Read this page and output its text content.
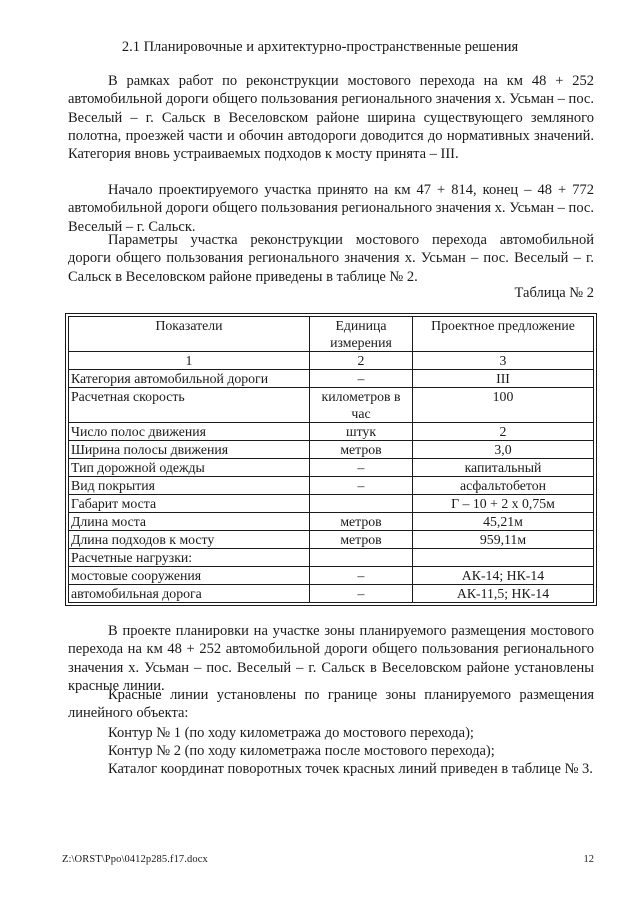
2.1 Планировочные и архитектурно-пространственные решения

В рамках работ по реконструкции мостового перехода на км 48 + 252 автомобильной дороги общего пользования регионального значения х. Усьман – пос. Веселый – г. Сальск в Веселовском районе ширина существующего земляного полотна, проезжей части и обочин автодороги доводится до нормативных значений. Категория вновь устраиваемых подходов к мосту принята – III.

Начало проектируемого участка принято на км 47 + 814, конец – 48 + 772 автомобильной дороги общего пользования регионального значения х. Усьман – пос. Веселый – г. Сальск.

Параметры участка реконструкции мостового перехода автомобильной дороги общего пользования регионального значения х. Усьман – пос. Веселый – г. Сальск в Веселовском районе приведены в таблице № 2.

Таблица № 2
Показатели	Единица измерения	Проектное предложение
1	2	3
Категория автомобильной дороги	–	III
Расчетная скорость	километров в час	100
Число полос движения	штук	2
Ширина полосы движения	метров	3,0
Тип дорожной одежды	–	капитальный
Вид покрытия	–	асфальтобетон
Габарит моста		Г – 10 + 2 х 0,75м
Длина моста	метров	45,21м
Длина подходов к мосту	метров	959,11м
Расчетные нагрузки:		
мостовые сооружения	–	АК-14; НК-14
автомобильная дорога	–	АК-11,5; НК-14

В проекте планировки на участке зоны планируемого размещения мостового перехода на км 48 + 252 автомобильной дороги общего пользования регионального значения х. Усьман – пос. Веселый – г. Сальск в Веселовском районе установлены красные линии.

Красные линии установлены по границе зоны планируемого размещения линейного объекта:

Контур № 1 (по ходу километража до мостового перехода);
Контур № 2 (по ходу километража после мостового перехода);

Каталог координат поворотных точек красных линий приведен в таблице № 3.

Z:\ORST\Ppo\0412p285.f17.docx	12
